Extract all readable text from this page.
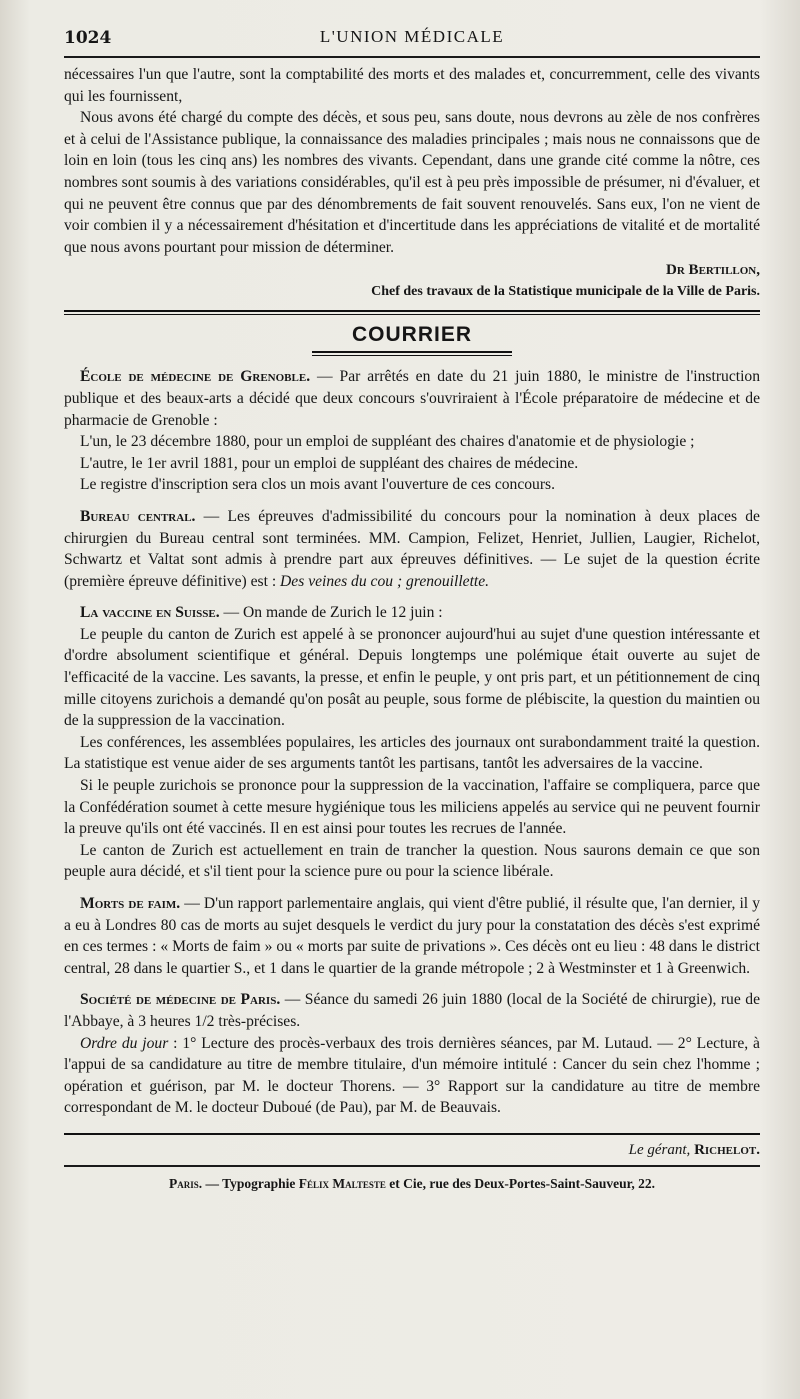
1024	L'UNION MÉDICALE

nécessaires l'un que l'autre, sont la comptabilité des morts et des malades et, concurremment, celle des vivants qui les fournissent,

Nous avons été chargé du compte des décès, et sous peu, sans doute, nous devrons au zèle de nos confrères et à celui de l'Assistance publique, la connaissance des maladies principales ; mais nous ne connaissons que de loin en loin (tous les cinq ans) les nombres des vivants. Cependant, dans une grande cité comme la nôtre, ces nombres sont soumis à des variations considérables, qu'il est à peu près impossible de présumer, ni d'évaluer, et qui ne peuvent être connus que par des dénombrements de fait souvent renouvelés. Sans eux, l'on ne vient de voir combien il y a nécessairement d'hésitation et d'incertitude dans les appréciations de vitalité et de mortalité que nous avons pourtant pour mission de déterminer.

Dr Bertillon,
Chef des travaux de la Statistique municipale de la Ville de Paris.
COURRIER

École de médecine de Grenoble. — Par arrêtés en date du 21 juin 1880, le ministre de l'instruction publique et des beaux-arts a décidé que deux concours s'ouvriraient à l'École préparatoire de médecine et de pharmacie de Grenoble :

L'un, le 23 décembre 1880, pour un emploi de suppléant des chaires d'anatomie et de physiologie ;

L'autre, le 1er avril 1881, pour un emploi de suppléant des chaires de médecine.

Le registre d'inscription sera clos un mois avant l'ouverture de ces concours.

Bureau central. — Les épreuves d'admissibilité du concours pour la nomination à deux places de chirurgien du Bureau central sont terminées. MM. Campion, Felizet, Henriet, Jullien, Laugier, Richelot, Schwartz et Valtat sont admis à prendre part aux épreuves définitives. — Le sujet de la question écrite (première épreuve définitive) est : Des veines du cou ; grenouillette.

La vaccine en Suisse. — On mande de Zurich le 12 juin :

Le peuple du canton de Zurich est appelé à se prononcer aujourd'hui au sujet d'une question intéressante et d'ordre absolument scientifique et général. Depuis longtemps une polémique était ouverte au sujet de l'efficacité de la vaccine. Les savants, la presse, et enfin le peuple, y ont pris part, et un pétitionnement de cinq mille citoyens zurichois a demandé qu'on posât au peuple, sous forme de plébiscite, la question du maintien ou de la suppression de la vaccination.

Les conférences, les assemblées populaires, les articles des journaux ont surabondamment traité la question. La statistique est venue aider de ses arguments tantôt les partisans, tantôt les adversaires de la vaccine.

Si le peuple zurichois se prononce pour la suppression de la vaccination, l'affaire se compliquera, parce que la Confédération soumet à cette mesure hygiénique tous les miliciens appelés au service qui ne peuvent fournir la preuve qu'ils ont été vaccinés. Il en est ainsi pour toutes les recrues de l'année.

Le canton de Zurich est actuellement en train de trancher la question. Nous saurons demain ce que son peuple aura décidé, et s'il tient pour la science pure ou pour la science libérale.

Morts de faim. — D'un rapport parlementaire anglais, qui vient d'être publié, il résulte que, l'an dernier, il y a eu à Londres 80 cas de morts au sujet desquels le verdict du jury pour la constatation des décès s'est exprimé en ces termes : « Morts de faim » ou « morts par suite de privations ». Ces décès ont eu lieu : 48 dans le district central, 28 dans le quartier S., et 1 dans le quartier de la grande métropole ; 2 à Westminster et 1 à Greenwich.

Société de médecine de Paris. — Séance du samedi 26 juin 1880 (local de la Société de chirurgie), rue de l'Abbaye, à 3 heures 1/2 très-précises.

Ordre du jour : 1° Lecture des procès-verbaux des trois dernières séances, par M. Lutaud. — 2° Lecture, à l'appui de sa candidature au titre de membre titulaire, d'un mémoire intitulé : Cancer du sein chez l'homme ; opération et guérison, par M. le docteur Thorens. — 3° Rapport sur la candidature au titre de membre correspondant de M. le docteur Duboué (de Pau), par M. de Beauvais.

Le gérant, Richelot.
Paris. — Typographie Félix Malteste et Cie, rue des Deux-Portes-Saint-Sauveur, 22.
